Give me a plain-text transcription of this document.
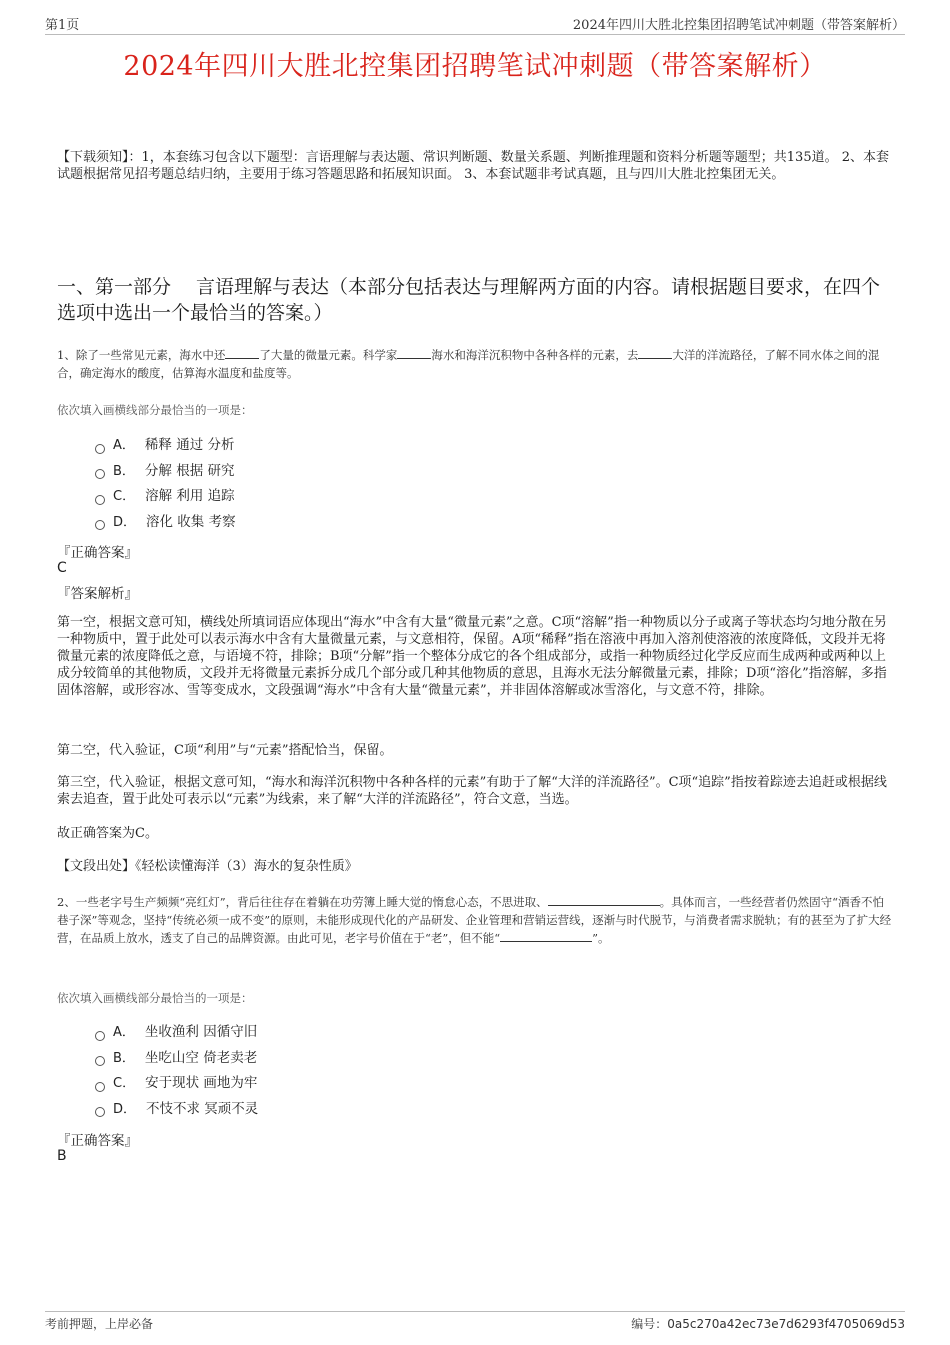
第1页	2024年四川大胜北控集团招聘笔试冲刺题（带答案解析）
2024年四川大胜北控集团招聘笔试冲刺题（带答案解析）
【下载须知】：1，本套练习包含以下题型：言语理解与表达题、常识判断题、数量关系题、判断推理题和资料分析题等题型；共135道。 2、本套试题根据常见招考题总结归纳，主要用于练习答题思路和拓展知识面。 3、本套试题非考试真题，且与四川大胜北控集团无关。
一、第一部分　 言语理解与表达（本部分包括表达与理解两方面的内容。请根据题目要求，在四个选项中选出一个最恰当的答案。）
1、除了一些常见元素，海水中还	了大量的微量元素。科学家	海水和海洋沉积物中各种各样的元素，去	大洋的洋流路径，了解不同水体之间的混合，确定海水的酸度，估算海水温度和盐度等。
依次填入画横线部分最恰当的一项是：
A． 稀释 通过 分析
B． 分解 根据 研究
C． 溶解 利用 追踪
D． 溶化 收集 考察
『正确答案』
C
『答案解析』
第一空，根据文意可知，横线处所填词语应体现出“海水”中含有大量“微量元素”之意。C项“溶解”指一种物质以分子或离子等状态均匀地分散在另一种物质中，置于此处可以表示海水中含有大量微量元素，与文意相符，保留。A项“稀释”指在溶液中再加入溶剂使溶液的浓度降低，文段并无将微量元素的浓度降低之意，与语境不符，排除；B项“分解”指一个整体分成它的各个组成部分，或指一种物质经过化学反应而生成两种或两种以上成分较简单的其他物质，文段并无将微量元素拆分成几个部分或几种其他物质的意思，且海水无法分解微量元素，排除；D项“溶化”指溶解，多指固体溶解，或形容冰、雪等变成水，文段强调“海水”中含有大量“微量元素”，并非固体溶解或冰雪溶化，与文意不符，排除。
第二空，代入验证，C项“利用”与“元素”搭配恰当，保留。
第三空，代入验证，根据文意可知，“海水和海洋沉积物中各种各样的元素”有助于了解“大洋的洋流路径”。C项“追踪”指按着踪迹去追赶或根据线索去追查，置于此处可表示以“元素”为线索，来了解“大洋的洋流路径”，符合文意，当选。
故正确答案为C。
【文段出处】《轻松读懂海洋（3）海水的复杂性质》
2、一些老字号生产频频“亮红灯”，背后往往存在着躺在功劳簿上睡大觉的惰怠心态，不思进取、	。具体而言，一些经营者仍然固守“酒香不怕巷子深”等观念，坚持“传统必须一成不变”的原则，未能形成现代化的产品研发、企业管理和营销运营线，逐渐与时代脱节，与消费者需求脱轨；有的甚至为了扩大经营，在品质上放水，透支了自己的品牌资源。由此可见，老字号价值在于“老”，但不能“	”。
依次填入画横线部分最恰当的一项是：
A． 坐收渔利 因循守旧
B． 坐吃山空 倚老卖老
C． 安于现状 画地为牢
D． 不忮不求 冥顽不灵
『正确答案』
B
考前押题，上岸必备	编号：0a5c270a42ec73e7d6293f4705069d53
